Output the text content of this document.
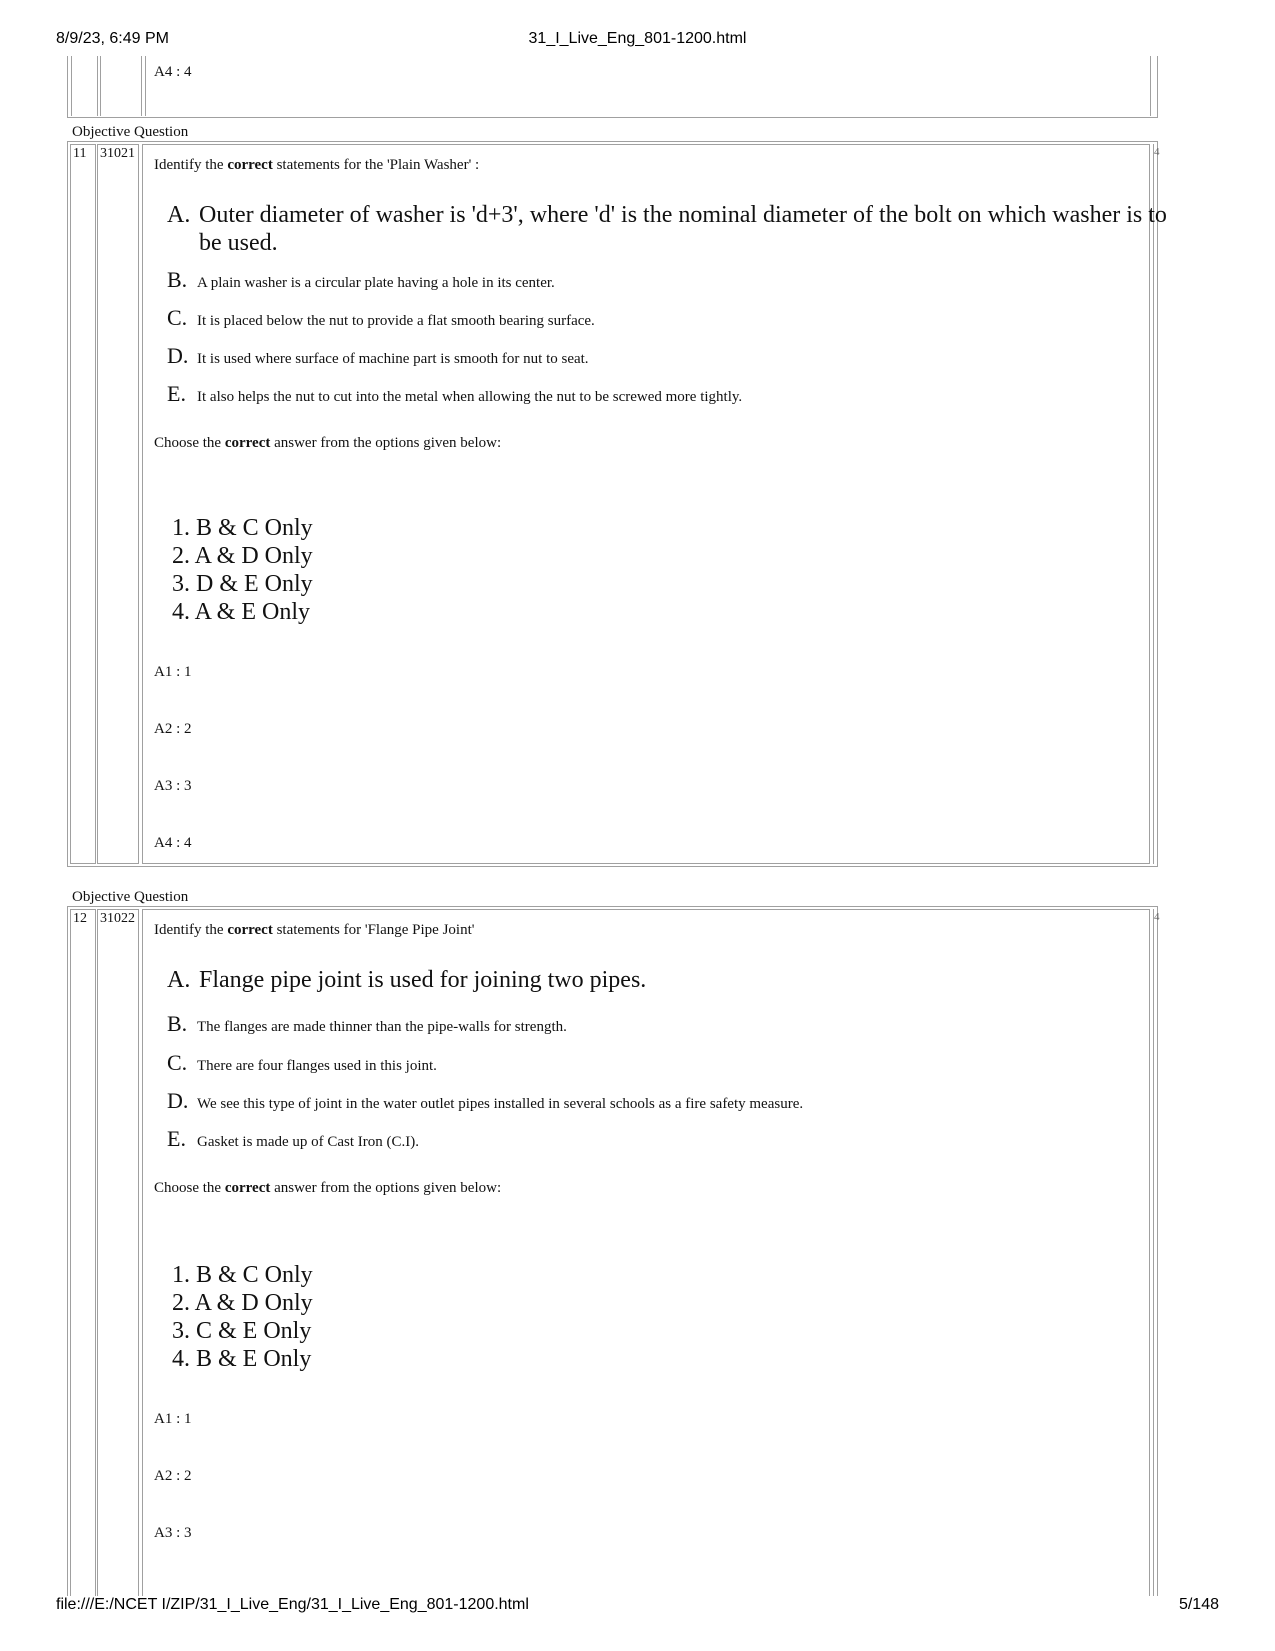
8/9/23, 6:49 PM	31_I_Live_Eng_801-1200.html
A4 : 4
Objective Question
11 31021	4
Identify the correct statements for the 'Plain Washer' :
A. Outer diameter of washer is 'd+3', where 'd' is the nominal diameter of the bolt on which washer is to be used.
B. A plain washer is a circular plate having a hole in its center.
C. It is placed below the nut to provide a flat smooth bearing surface.
D. It is used where surface of machine part is smooth for nut to seat.
E. It also helps the nut to cut into the metal when allowing the nut to be screwed more tightly.
Choose the correct answer from the options given below:
1. B & C Only
2. A & D Only
3. D & E Only
4. A & E Only
A1 : 1
A2 : 2
A3 : 3
A4 : 4
Objective Question
12 31022	4
Identify the correct statements for 'Flange Pipe Joint'
A. Flange pipe joint is used for joining two pipes.
B. The flanges are made thinner than the pipe-walls for strength.
C. There are four flanges used in this joint.
D. We see this type of joint in the water outlet pipes installed in several schools as a fire safety measure.
E. Gasket is made up of Cast Iron (C.I).
Choose the correct answer from the options given below:
1. B & C Only
2. A & D Only
3. C & E Only
4. B & E Only
A1 : 1
A2 : 2
A3 : 3
file:///E:/NCET I/ZIP/31_I_Live_Eng/31_I_Live_Eng_801-1200.html	5/148
